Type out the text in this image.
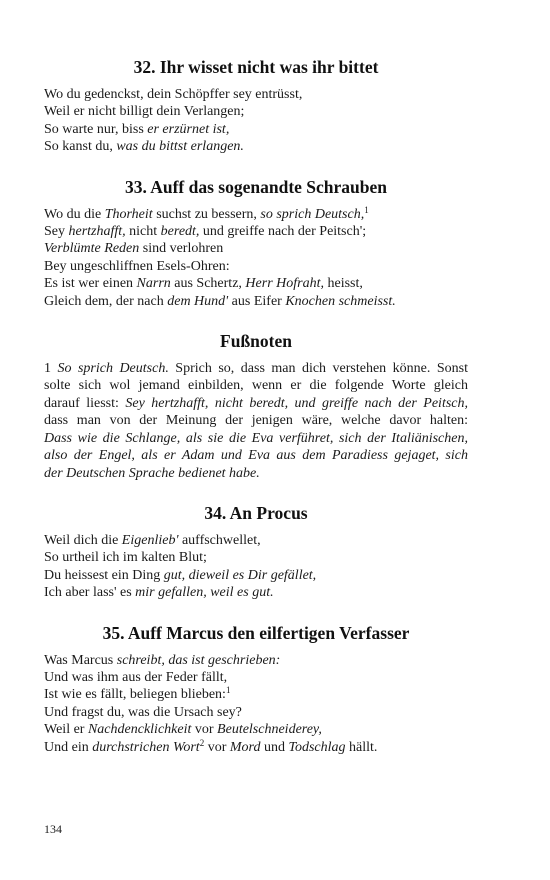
32. Ihr wisset nicht was ihr bittet
Wo du gedenckst, dein Schöpffer sey entrüsst,
Weil er nicht billigt dein Verlangen;
So warte nur, biss er erzürnet ist,
So kanst du, was du bittst erlangen.
33. Auff das sogenandte Schrauben
Wo du die Thorheit suchst zu bessern, so sprich Deutsch,$^1$
Sey hertzhafft, nicht beredt, und greiffe nach der Peitsch';
Verblümte Reden sind verlohren
Bey ungeschliffnen Esels-Ohren:
Es ist wer einen Narrn aus Schertz, Herr Hofraht, heisst,
Gleich dem, der nach dem Hund' aus Eifer Knochen schmeisst.
Fußnoten
1 So sprich Deutsch. Sprich so, dass man dich verstehen könne. Sonst
solte sich wol jemand einbilden, wenn er die folgende Worte gleich
darauf liesst: Sey hertzhafft, nicht beredt, und greiffe nach der Peitsch,
dass man von der Meinung der jenigen wäre, welche davor halten:
Dass wie die Schlange, als sie die Eva verführet, sich der Italiänischen,
also der Engel, als er Adam und Eva aus dem Paradiess gejaget, sich
der Deutschen Sprache bedienet habe.
34. An Procus
Weil dich die Eigenlieb' auffschwellet,
So urtheil ich im kalten Blut;
Du heissest ein Ding gut, dieweil es Dir gefället,
Ich aber lass' es mir gefallen, weil es gut.
35. Auff Marcus den eilfertigen Verfasser
Was Marcus schreibt, das ist geschrieben:
Und was ihm aus der Feder fällt,
Ist wie es fällt, beliegen blieben:$^1$
Und fragst du, was die Ursach sey?
Weil er Nachdencklichkeit vor Beutelschneiderey,
Und ein durchstrichen Wort$^2$ vor Mord und Todschlag hällt.
134
